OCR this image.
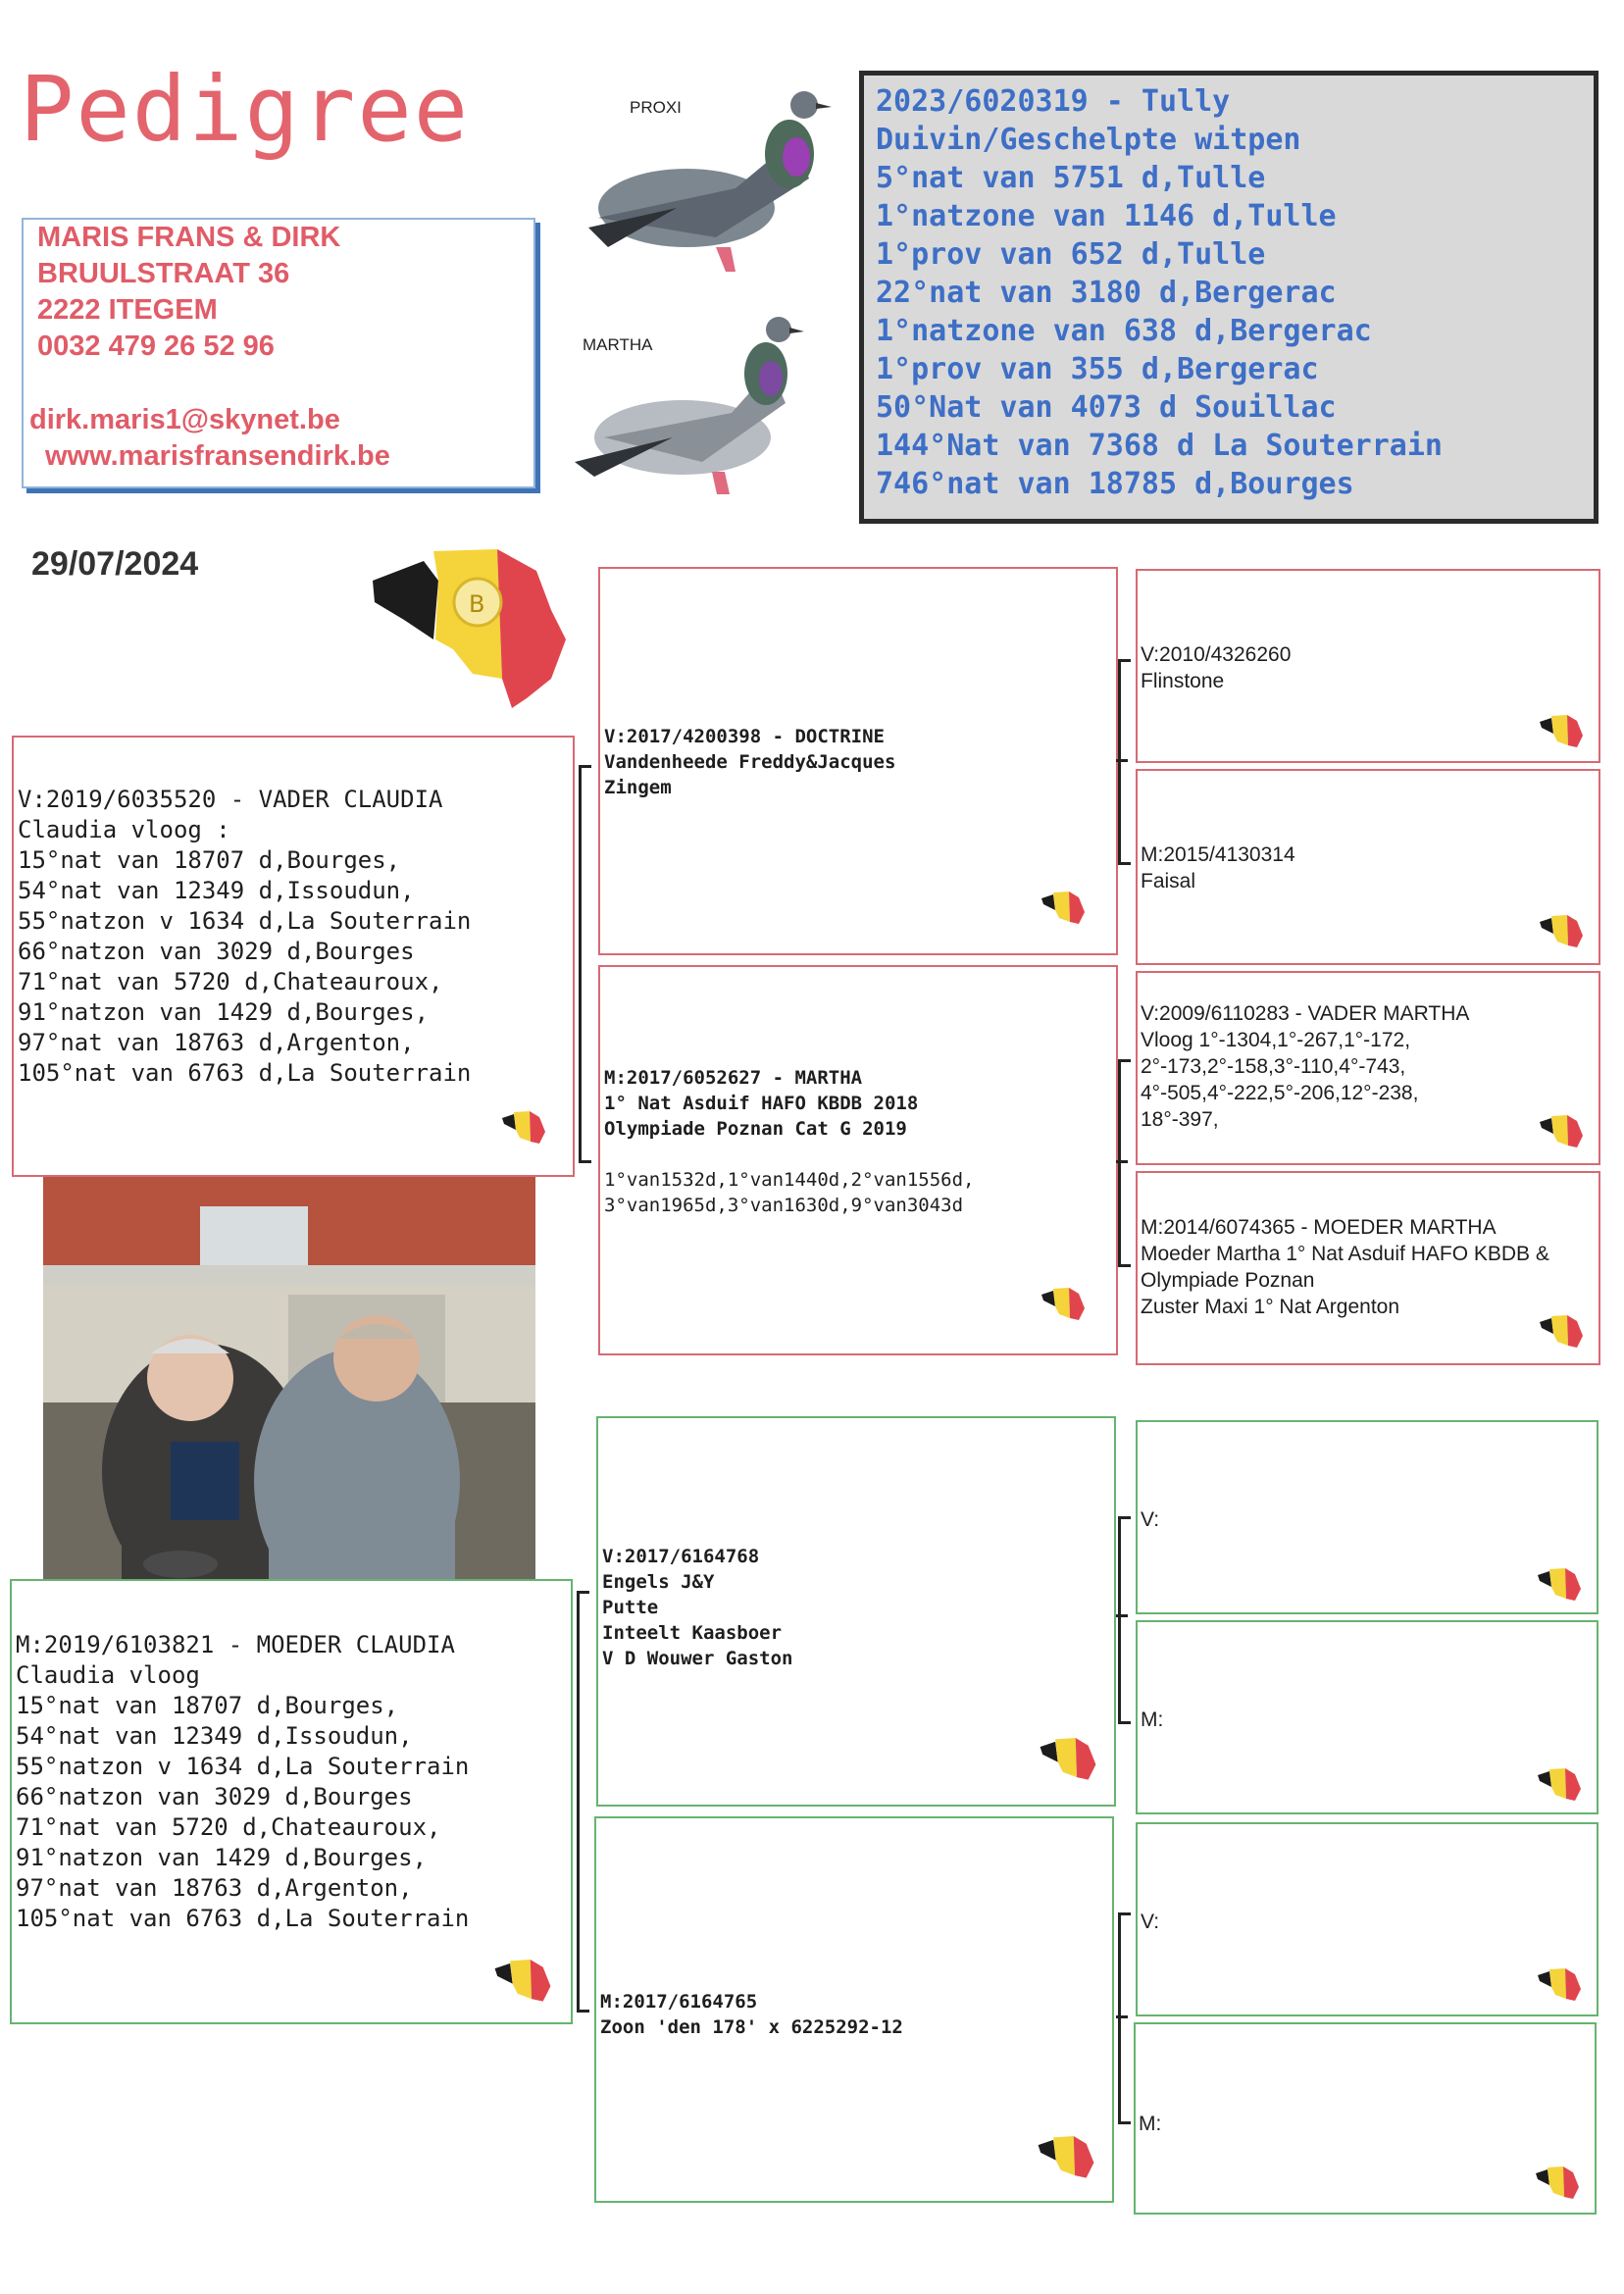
Pedigree
MARIS FRANS & DIRK
BRUULSTRAAT 36
2222 ITEGEM
0032 479 26 52 96
dirk.maris1@skynet.be
www.marisfransendirk.be
PROXI
MARTHA
2023/6020319 - Tully
Duivin/Geschelpte witpen
5°nat van 5751 d,Tulle
1°natzone van 1146 d,Tulle
1°prov van 652 d,Tulle
22°nat van 3180 d,Bergerac
1°natzone van 638 d,Bergerac
1°prov van 355 d,Bergerac
50°Nat van 4073 d Souillac
144°Nat van 7368 d La Souterrain
746°nat van 18785 d,Bourges
29/07/2024
B
V:2019/6035520 - VADER CLAUDIA
Claudia vloog :
15°nat van 18707 d,Bourges,
54°nat van 12349 d,Issoudun,
55°natzon v 1634 d,La Souterrain
66°natzon van 3029 d,Bourges
71°nat van 5720 d,Chateauroux,
91°natzon van 1429 d,Bourges,
97°nat van 18763 d,Argenton,
105°nat van 6763 d,La Souterrain
V:2017/4200398 - DOCTRINE
Vandenheede Freddy&Jacques
Zingem
M:2017/6052627 - MARTHA
1° Nat Asduif HAFO KBDB 2018
Olympiade Poznan Cat G 2019
1°van1532d,1°van1440d,2°van1556d,
3°van1965d,3°van1630d,9°van3043d
V:2010/4326260
Flinstone
M:2015/4130314
Faisal
V:2009/6110283 - VADER MARTHA
Vloog 1°-1304,1°-267,1°-172,
2°-173,2°-158,3°-110,4°-743,
4°-505,4°-222,5°-206,12°-238,
18°-397,
M:2014/6074365 - MOEDER MARTHA
Moeder Martha 1° Nat Asduif HAFO KBDB &
Olympiade Poznan
Zuster Maxi 1° Nat Argenton
M:2019/6103821 - MOEDER CLAUDIA
Claudia vloog
15°nat van 18707 d,Bourges,
54°nat van 12349 d,Issoudun,
55°natzon v 1634 d,La Souterrain
66°natzon van 3029 d,Bourges
71°nat van 5720 d,Chateauroux,
91°natzon van 1429 d,Bourges,
97°nat van 18763 d,Argenton,
105°nat van 6763 d,La Souterrain
V:2017/6164768
Engels J&Y
Putte
Inteelt Kaasboer
V D Wouwer Gaston
M:2017/6164765
Zoon 'den 178' x 6225292-12
V:
M:
V:
M:
